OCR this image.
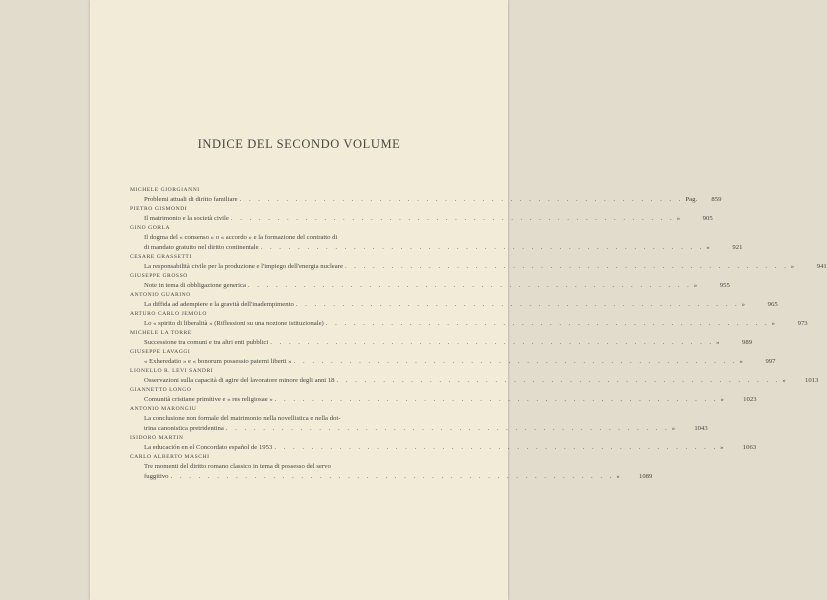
INDICE DEL SECONDO VOLUME
MICHELE GIORGIANNI
Problemi attuali di diritto familiare . . . . . . . . . . . . . . . . . . . . . . . . . . . . . . . . . . . . . . . . . . . . . . . . Pag.	859
PIETRO GISMONDI
Il matrimonio e la società civile . . . . . . . . . . . . . . . . . . . . . . . . . . . . . . . . . . . . . . . . . . . . . . . . »	905
GINO GORLA
Il dogma del « consenso » o « accordo » e la formazione del contratto di
di mandato gratuito nel diritto continentale . . . . . . . . . . . . . . . . . . . . . . . . . . . . . . . . . . . . . . . . . . . . . . . . »	921
CESARE GRASSETTI
La responsabilità civile per la produzione e l'impiego dell'energia nucleare . . . . . . . . . . . . . . . . . . . . . . . . . . . . . . . . . . . . . . . . . . . . . . . . »	941
GIUSEPPE GROSSO
Note in tema di obbligazione generica . . . . . . . . . . . . . . . . . . . . . . . . . . . . . . . . . . . . . . . . . . . . . . . . »	955
ANTONIO GUARINO
La diffida ad adempiere e la gravità dell'inadempimento . . . . . . . . . . . . . . . . . . . . . . . . . . . . . . . . . . . . . . . . . . . . . . . . »	965
ARTURO CARLO JEMOLO
Lo « spirito di liberalità » (Riflessioni su una nozione istituzionale) . . . . . . . . . . . . . . . . . . . . . . . . . . . . . . . . . . . . . . . . . . . . . . . . »	973
MICHELE LA TORRE
Successione tra comuni e tra altri enti pubblici . . . . . . . . . . . . . . . . . . . . . . . . . . . . . . . . . . . . . . . . . . . . . . . . »	989
GIUSEPPE LAVAGGI
« Exheredatio » e « bonorum possessio paterni liberti » . . . . . . . . . . . . . . . . . . . . . . . . . . . . . . . . . . . . . . . . . . . . . . . . »	997
LIONELLO R. LEVI SANDRI
Osservazioni sulla capacità di agire del lavoratore minore degli anni 18 . . . . . . . . . . . . . . . . . . . . . . . . . . . . . . . . . . . . . . . . . . . . . . . . »	1013
GIANNETTO LONGO
Comunità cristiane primitive e « res religiosae » . . . . . . . . . . . . . . . . . . . . . . . . . . . . . . . . . . . . . . . . . . . . . . . . »	1023
ANTONIO MARONGIU
La conclusione non formale del matrimonio nella novellistica e nella dot-
trina canonistica pretridentina . . . . . . . . . . . . . . . . . . . . . . . . . . . . . . . . . . . . . . . . . . . . . . . . »	1043
ISIDORO MARTIN
La educación en el Concordato español de 1953 . . . . . . . . . . . . . . . . . . . . . . . . . . . . . . . . . . . . . . . . . . . . . . . . »	1063
CARLO ALBERTO MASCHI
Tre momenti del diritto romano classico in tema di possesso del servo
fuggitivo . . . . . . . . . . . . . . . . . . . . . . . . . . . . . . . . . . . . . . . . . . . . . . . . »	1089
